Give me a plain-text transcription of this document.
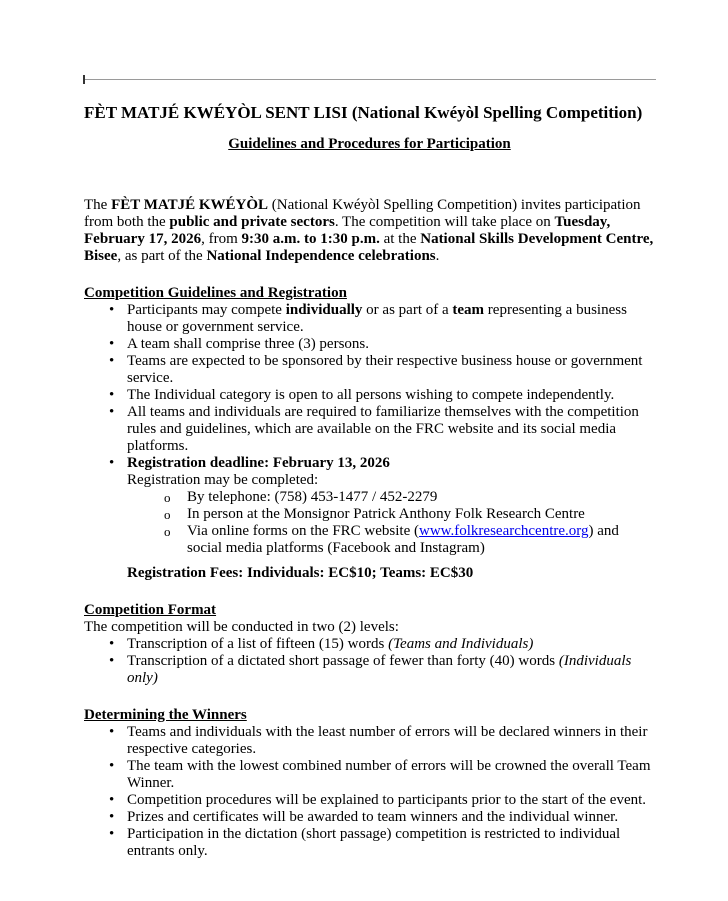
FÈT MATJÉ KWÉYÒL SENT LISI (National Kwéyòl Spelling Competition)

Guidelines and Procedures for Participation

The FÈT MATJÉ KWÉYÒL (National Kwéyòl Spelling Competition) invites participation from both the public and private sectors. The competition will take place on Tuesday, February 17, 2026, from 9:30 a.m. to 1:30 p.m. at the National Skills Development Centre, Bisee, as part of the National Independence celebrations.

Competition Guidelines and Registration
• Participants may compete individually or as part of a team representing a business house or government service.
• A team shall comprise three (3) persons.
• Teams are expected to be sponsored by their respective business house or government service.
• The Individual category is open to all persons wishing to compete independently.
• All teams and individuals are required to familiarize themselves with the competition rules and guidelines, which are available on the FRC website and its social media platforms.
• Registration deadline: February 13, 2026
Registration may be completed:
o By telephone: (758) 453-1477 / 452-2279
o In person at the Monsignor Patrick Anthony Folk Research Centre
o Via online forms on the FRC website (www.folkresearchcentre.org) and social media platforms (Facebook and Instagram)

Registration Fees: Individuals: EC$10; Teams: EC$30

Competition Format

The competition will be conducted in two (2) levels:

• Transcription of a list of fifteen (15) words (Teams and Individuals)
• Transcription of a dictated short passage of fewer than forty (40) words (Individuals only)
Determining the Winners
• Teams and individuals with the least number of errors will be declared winners in their respective categories.
• The team with the lowest combined number of errors will be crowned the overall Team Winner.
• Competition procedures will be explained to participants prior to the start of the event.
• Prizes and certificates will be awarded to team winners and the individual winner.
• Participation in the dictation (short passage) competition is restricted to individual entrants only.
